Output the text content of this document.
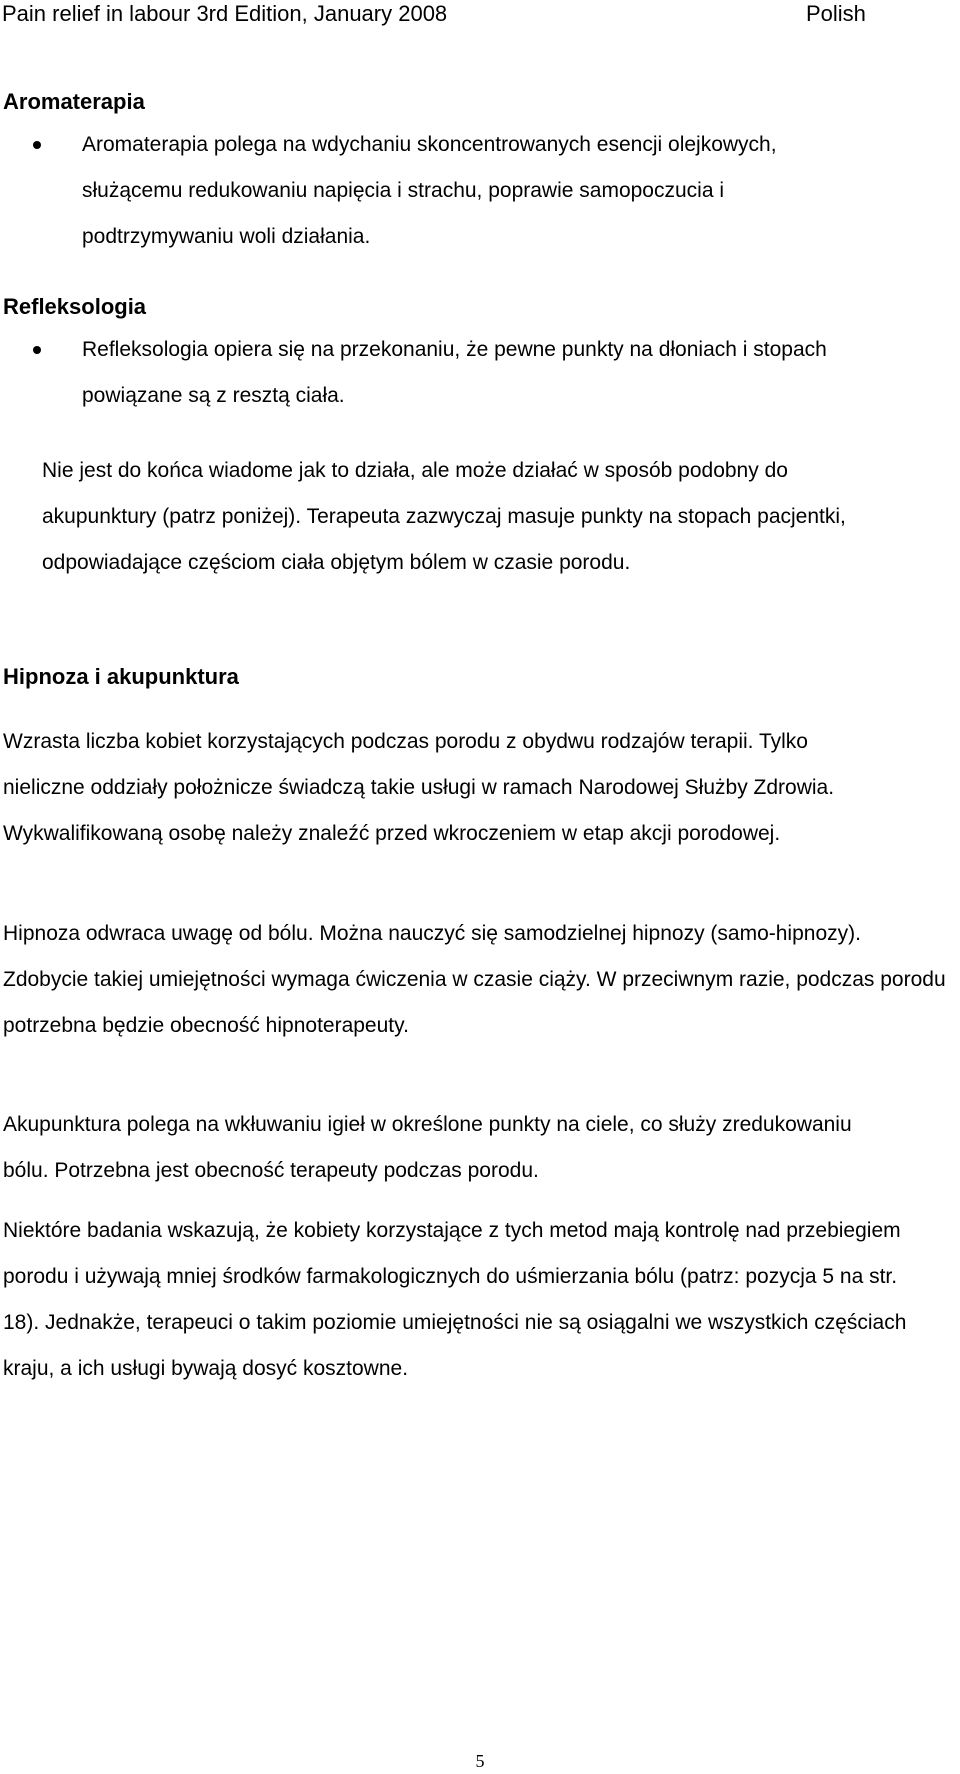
Pain relief in labour 3rd Edition, January 2008	Polish
Aromaterapia

Aromaterapia polega na wdychaniu skoncentrowanych esencji olejkowych, służącemu redukowaniu napięcia i strachu, poprawie samopoczucia i podtrzymywaniu woli działania.

Refleksologia

Refleksologia opiera się na przekonaniu, że pewne punkty na dłoniach i stopach powiązane są z resztą ciała.

Nie jest do końca wiadome jak to działa, ale może działać w sposób podobny do akupunktury (patrz poniżej). Terapeuta zazwyczaj masuje punkty na stopach pacjentki, odpowiadające częściom ciała objętym bólem w czasie porodu.

Hipnoza i akupunktura

Wzrasta liczba kobiet korzystających podczas porodu z obydwu rodzajów terapii. Tylko nieliczne oddziały położnicze świadczą takie usługi w ramach Narodowej Służby Zdrowia. Wykwalifikowaną osobę należy znaleźć przed wkroczeniem w etap akcji porodowej.

Hipnoza odwraca uwagę od bólu. Można nauczyć się samodzielnej hipnozy (samo-hipnozy). Zdobycie takiej umiejętności wymaga ćwiczenia w czasie ciąży. W przeciwnym razie, podczas porodu potrzebna będzie obecność hipnoterapeuty.

Akupunktura polega na wkłuwaniu igieł w określone punkty na ciele, co służy zredukowaniu bólu. Potrzebna jest obecność terapeuty podczas porodu.

Niektóre badania wskazują, że kobiety korzystające z tych metod mają kontrolę nad przebiegiem porodu i używają mniej środków farmakologicznych do uśmierzania bólu (patrz: pozycja 5 na str. 18). Jednakże, terapeuci o takim poziomie umiejętności nie są osiągalni we wszystkich częściach kraju, a ich usługi bywają dosyć kosztowne.

5
